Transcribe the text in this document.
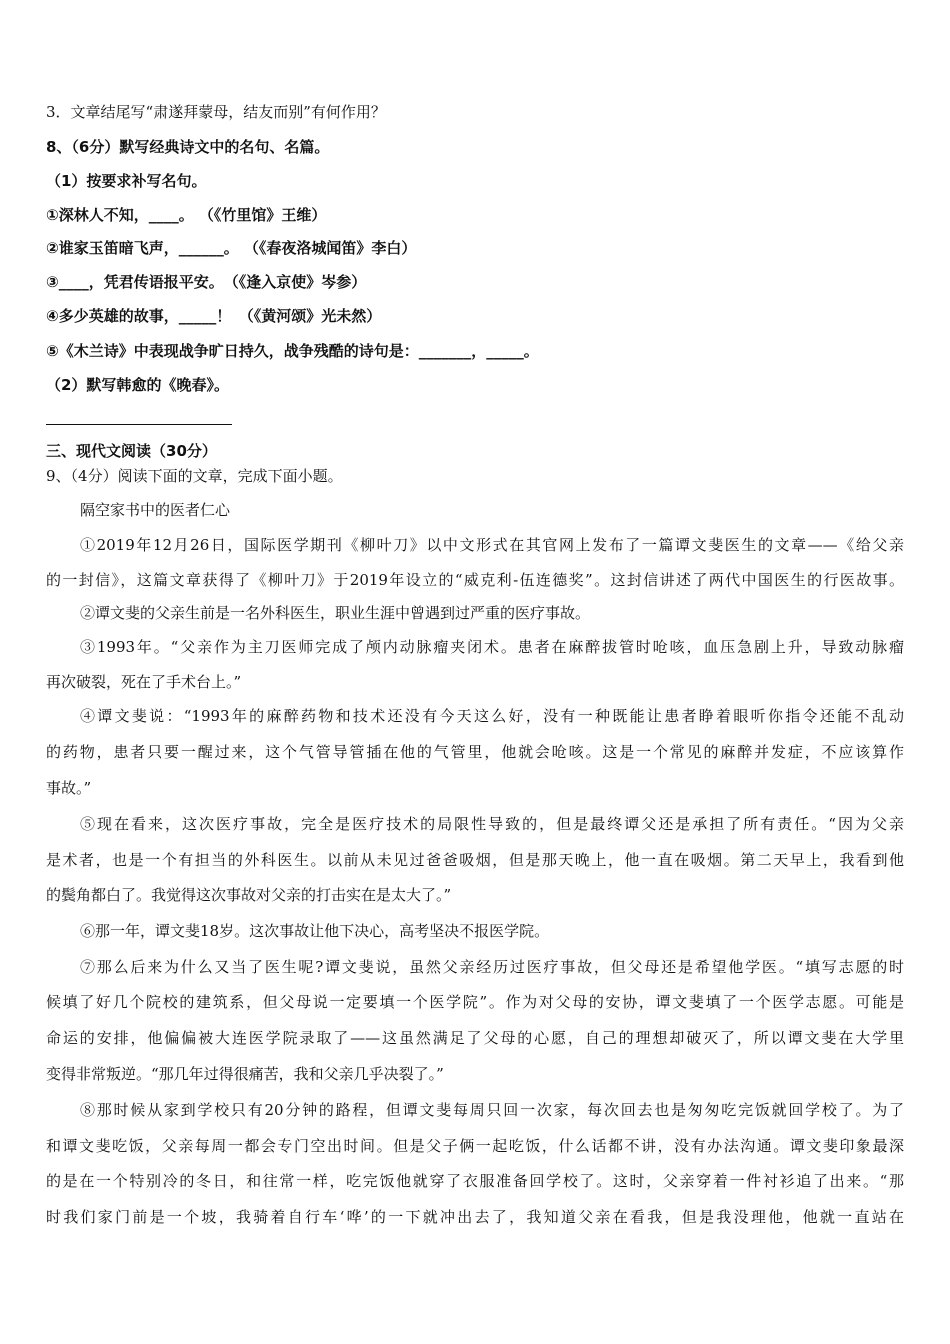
3．文章结尾写“肃遂拜蒙母，结友而别”有何作用？
8、（6分）默写经典诗文中的名句、名篇。
（1）按要求补写名句。
①深林人不知，____。 （《竹里馆》王维）
②谁家玉笛暗飞声，______。 （《春夜洛城闻笛》李白）
③____，凭君传语报平安。　（《逢入京使》岑参）
④多少英雄的故事，_____！　（《黄河颂》光未然）
⑤《木兰诗》中表现战争旷日持久，战争残酷的诗句是：_______，_____。
（2）默写韩愈的《晚春》。
三、现代文阅读（30分）
9、（4分）阅读下面的文章，完成下面小题。
隔空家书中的医者仁心
①2019年12月26日，国际医学期刊《柳叶刀》以中文形式在其官网上发布了一篇谭文斐医生的文章——《给父亲
的一封信》，这篇文章获得了《柳叶刀》于2019年设立的“威克利-伍连德奖”。这封信讲述了两代中国医生的行医故事。
②谭文斐的父亲生前是一名外科医生，职业生涯中曾遇到过严重的医疗事故。
③1993年。“父亲作为主刀医师完成了颅内动脉瘤夹闭术。患者在麻醉拔管时呛咳，血压急剧上升，导致动脉瘤
再次破裂，死在了手术台上。”
④谭文斐说：“1993年的麻醉药物和技术还没有今天这么好，没有一种既能让患者睁着眼听你指令还能不乱动
的药物，患者只要一醒过来，这个气管导管插在他的气管里，他就会呛咳。这是一个常见的麻醉并发症，不应该算作
事故。”
⑤现在看来，这次医疗事故，完全是医疗技术的局限性导致的，但是最终谭父还是承担了所有责任。“因为父亲
是术者，也是一个有担当的外科医生。以前从未见过爸爸吸烟，但是那天晚上，他一直在吸烟。第二天早上，我看到他
的鬓角都白了。我觉得这次事故对父亲的打击实在是太大了。”
⑥那一年，谭文斐18岁。这次事故让他下决心，高考坚决不报医学院。
⑦那么后来为什么又当了医生呢?谭文斐说，虽然父亲经历过医疗事故，但父母还是希望他学医。“填写志愿的时
候填了好几个院校的建筑系，但父母说一定要填一个医学院”。作为对父母的安协，谭文斐填了一个医学志愿。可能是
命运的安排，他偏偏被大连医学院录取了——这虽然满足了父母的心愿，自己的理想却破灭了，所以谭文斐在大学里
变得非常叛逆。“那几年过得很痛苦，我和父亲几乎决裂了。”
⑧那时候从家到学校只有20分钟的路程，但谭文斐每周只回一次家，每次回去也是匆匆吃完饭就回学校了。为了
和谭文斐吃饭，父亲每周一都会专门空出时间。但是父子俩一起吃饭，什么话都不讲，没有办法沟通。谭文斐印象最深
的是在一个特别冷的冬日，和往常一样，吃完饭他就穿了衣服准备回学校了。这时，父亲穿着一件衬衫追了出来。“那
时我们家门前是一个坡，我骑着自行车‘哗’的一下就冲出去了，我知道父亲在看我，但是我没理他，他就一直站在
